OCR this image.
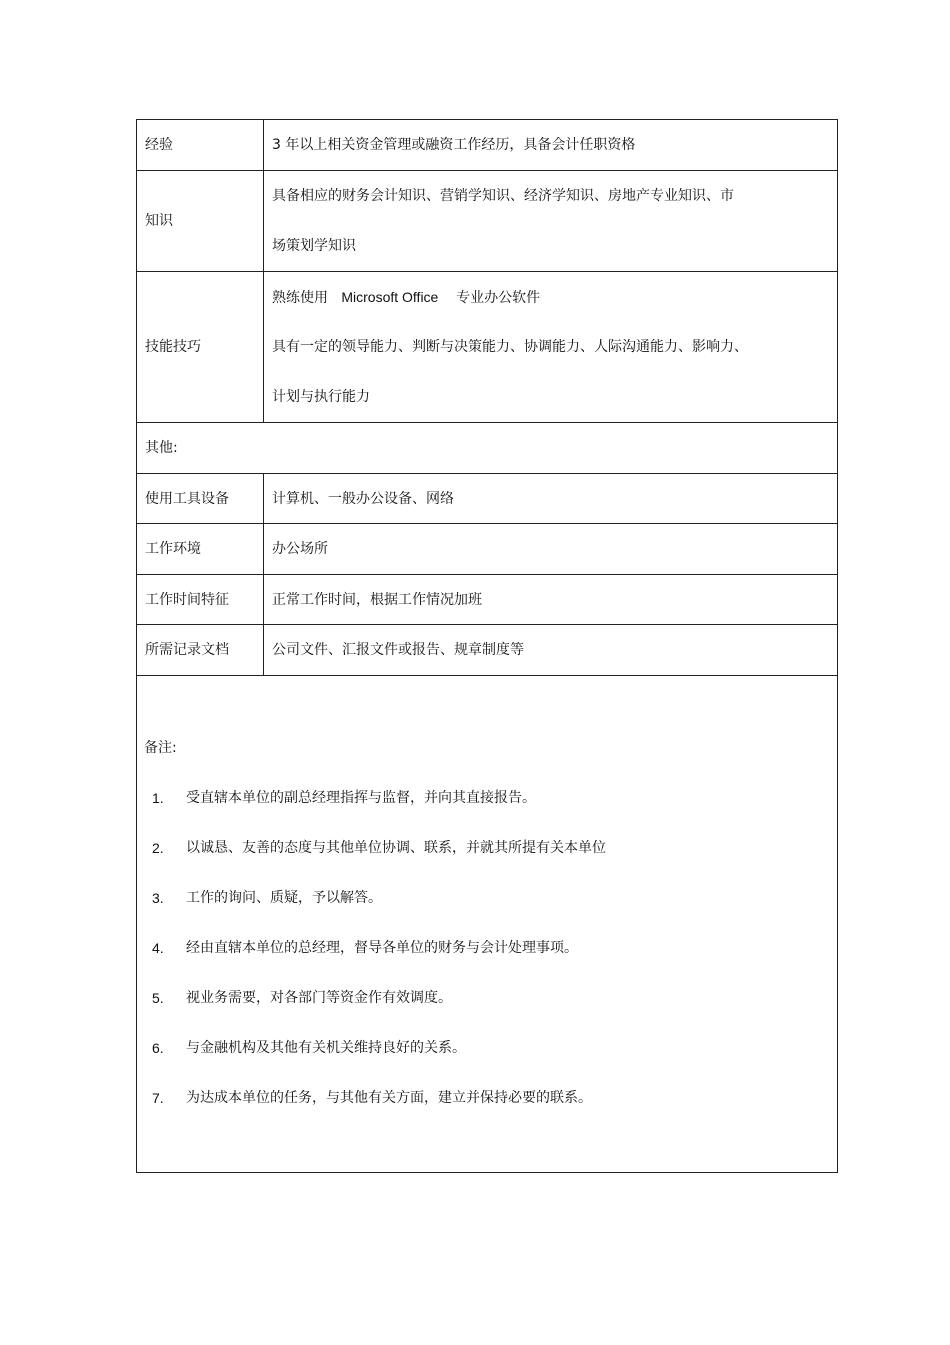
经验	3 年以上相关资金管理或融资工作经历，具备会计任职资格
知识	具备相应的财务会计知识、营销学知识、经济学知识、房地产专业知识、市
场策划学知识

技能技巧	熟练使用 Microsoft Office 专业办公软件
具有一定的领导能力、判断与决策能力、协调能力、人际沟通能力、影响力、
计划与执行能力

其他:	
使用工具设备	计算机、一般办公设备、网络
工作环境	办公场所
工作时间特征	正常工作时间，根据工作情况加班
所需记录文档	公司文件、汇报文件或报告、规章制度等

备注:
1.	受直辖本单位的副总经理指挥与监督，并向其直接报告。
2.	以诚恳、友善的态度与其他单位协调、联系，并就其所提有关本单位
3.	工作的询问、质疑，予以解答。
4.	经由直辖本单位的总经理，督导各单位的财务与会计处理事项。
5.	视业务需要，对各部门等资金作有效调度。
6.	与金融机构及其他有关机关维持良好的关系。
7.	为达成本单位的任务，与其他有关方面，建立并保持必要的联系。
